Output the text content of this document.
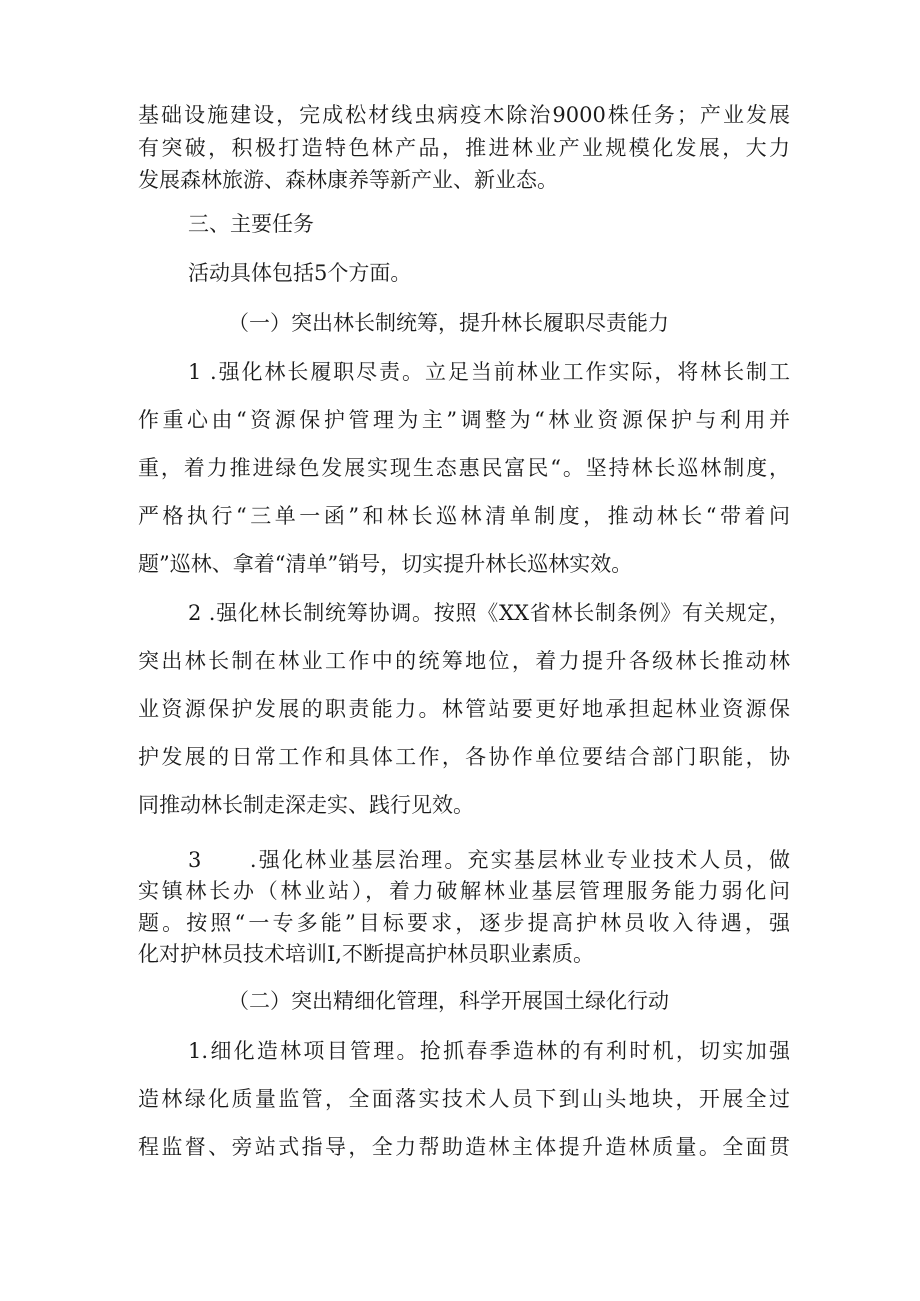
基础设施建设，完成松材线虫病疫木除治9000株任务；产业发展

有突破，积极打造特色林产品，推进林业产业规模化发展，大力

发展森林旅游、森林康养等新产业、新业态。

三、主要任务

活动具体包括5个方面。

（一）突出林长制统筹，提升林长履职尽责能力

1 .强化林长履职尽责。立足当前林业工作实际，将林长制工

作重心由“资源保护管理为主”调整为“林业资源保护与利用并

重，着力推进绿色发展实现生态惠民富民“。坚持林长巡林制度，

严格执行“三单一函”和林长巡林清单制度，推动林长“带着问

题”巡林、拿着“清单”销号，切实提升林长巡林实效。

2 .强化林长制统筹协调。按照《XX省林长制条例》有关规定，

突出林长制在林业工作中的统筹地位，着力提升各级林长推动林

业资源保护发展的职责能力。林管站要更好地承担起林业资源保

护发展的日常工作和具体工作，各协作单位要结合部门职能，协

同推动林长制走深走实、践行见效。

3　　.强化林业基层治理。充实基层林业专业技术人员，做

实镇林长办（林业站），着力破解林业基层管理服务能力弱化问

题。按照“一专多能”目标要求，逐步提高护林员收入待遇，强

化对护林员技术培训I,不断提高护林员职业素质。

（二）突出精细化管理，科学开展国土绿化行动

1.细化造林项目管理。抢抓春季造林的有利时机，切实加强

造林绿化质量监管，全面落实技术人员下到山头地块，开展全过

程监督、旁站式指导，全力帮助造林主体提升造林质量。全面贯
